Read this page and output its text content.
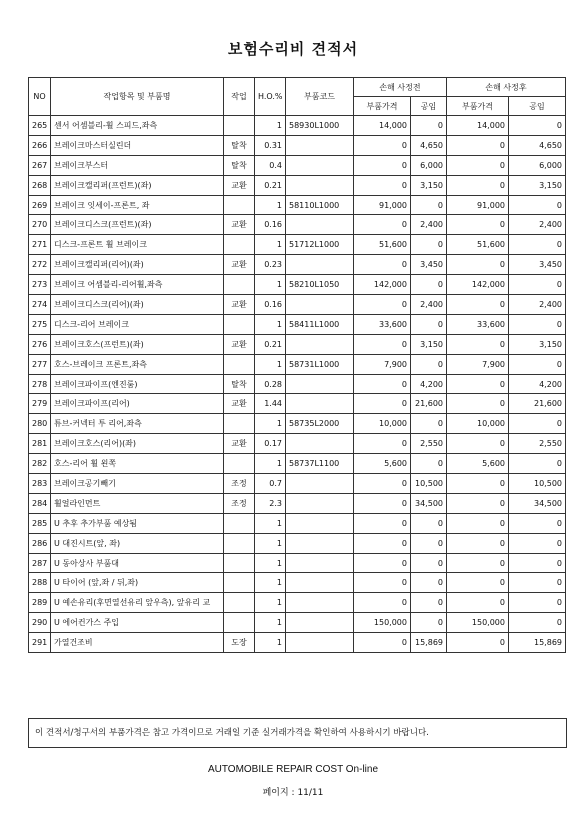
보험수리비 견적서
NO	작업항목 및 부품명	작업	H.O.%	부품코드	손해 사정전		손해 사정후	
					부품가격	공임	부품가격	공임
265	센서 어셈블리-휠 스피드,좌측		1	58930L1000	14,000	0	14,000	0
266	브레이크마스터실린더	탈착	0.31		0	4,650	0	4,650
267	브레이크부스터	탈착	0.4		0	6,000	0	6,000
268	브레이크캘리퍼(프런트)(좌)	교환	0.21		0	3,150	0	3,150
269	브레이크 잇세이-프론트, 좌		1	58110L1000	91,000	0	91,000	0
270	브레이크디스크(프런트)(좌)	교환	0.16		0	2,400	0	2,400
271	디스크-프론트 휠 브레이크		1	51712L1000	51,600	0	51,600	0
272	브레이크캘리퍼(리어)(좌)	교환	0.23		0	3,450	0	3,450
273	브레이크 어셈블리-리어휠,좌측		1	58210L1050	142,000	0	142,000	0
274	브레이크디스크(리어)(좌)	교환	0.16		0	2,400	0	2,400
275	디스크-리어 브레이크		1	58411L1000	33,600	0	33,600	0
276	브레이크호스(프런트)(좌)	교환	0.21		0	3,150	0	3,150
277	호스-브레이크 프론트,좌측		1	58731L1000	7,900	0	7,900	0
278	브레이크파이프(엔진룸)	탈착	0.28		0	4,200	0	4,200
279	브레이크파이프(리어)	교환	1.44		0	21,600	0	21,600
280	튜브-커넥터 투 리어,좌측		1	58735L2000	10,000	0	10,000	0
281	브레이크호스(리어)(좌)	교환	0.17		0	2,550	0	2,550
282	호스-리어 휠 왼쪽		1	58737L1100	5,600	0	5,600	0
283	브레이크공기빼기	조정	0.7		0	10,500	0	10,500
284	휠얼라인먼트	조정	2.3		0	34,500	0	34,500
285	U 추후 추가부품 예상됨		1		0	0	0	0
286	U 대진시트(앞, 좌)		1		0	0	0	0
287	U 동아상사 부품대		1		0	0	0	0
288	U 타이어 (앞,좌 / 뒤,좌)		1		0	0	0	0
289	U 예손유리(후면열선유리 앞우측), 앞유리 교		1		0	0	0	0
290	U 에어컨가스 주입		1		150,000	0	150,000	0
291	가열건조비	도장	1		0	15,869	0	15,869
이 견적서/청구서의 부품가격은 참고 가격이므로 거래일 기준 실거래가격을 확인하여 사용하시기 바랍니다.
AUTOMOBILE REPAIR COST On-line
페이지 : 11/11
